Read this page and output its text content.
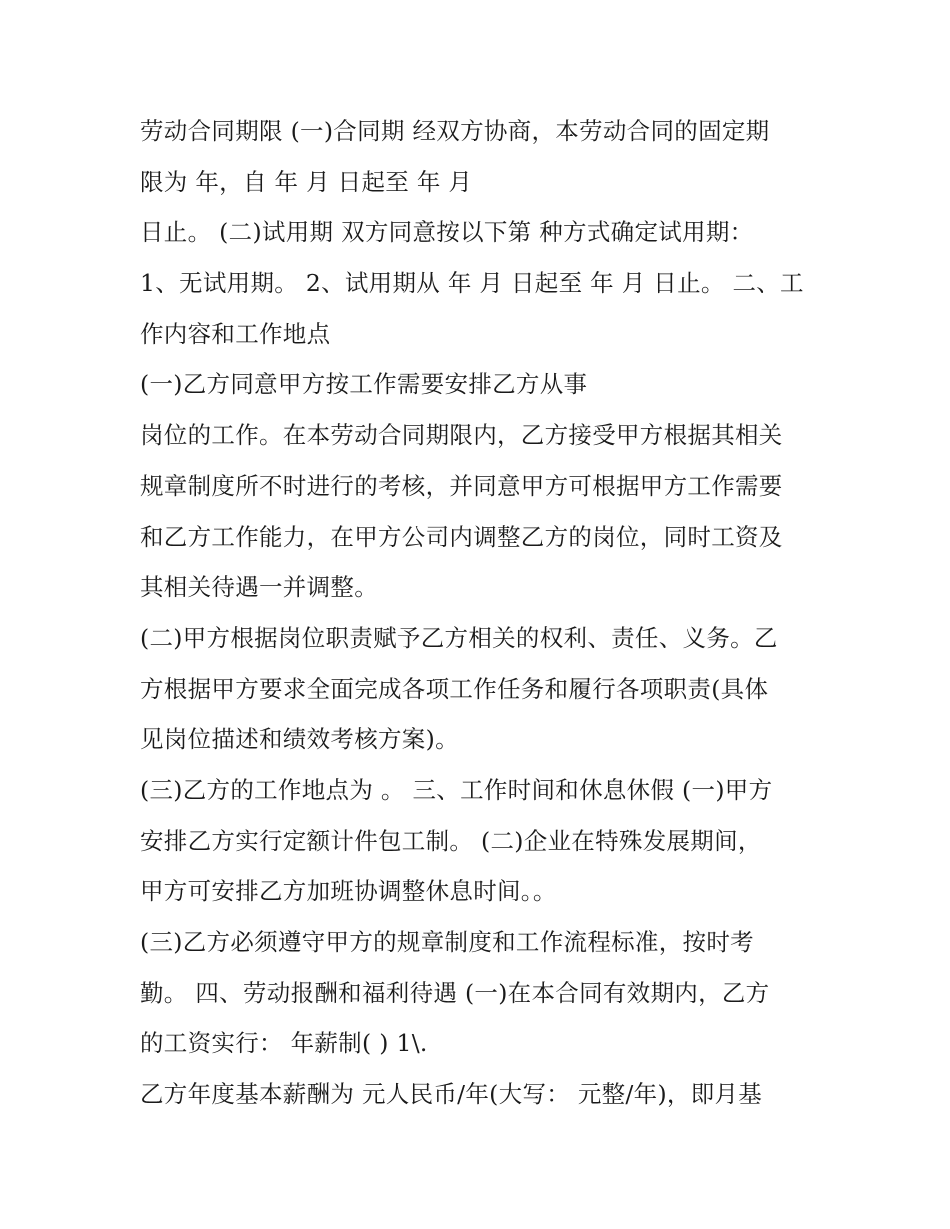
劳动合同期限 (一)合同期 经双方协商，本劳动合同的固定期
限为 年，自 年 月 日起至 年 月
日止。 (二)试用期 双方同意按以下第 种方式确定试用期：
1、无试用期。 2、试用期从 年 月 日起至 年 月 日止。 二、工
作内容和工作地点
(一)乙方同意甲方按工作需要安排乙方从事
岗位的工作。在本劳动合同期限内，乙方接受甲方根据其相关
规章制度所不时进行的考核，并同意甲方可根据甲方工作需要
和乙方工作能力，在甲方公司内调整乙方的岗位，同时工资及
其相关待遇一并调整。
(二)甲方根据岗位职责赋予乙方相关的权利、责任、义务。乙
方根据甲方要求全面完成各项工作任务和履行各项职责(具体
见岗位描述和绩效考核方案)。
(三)乙方的工作地点为 。 三、工作时间和休息休假 (一)甲方
安排乙方实行定额计件包工制。 (二)企业在特殊发展期间，
甲方可安排乙方加班协调整休息时间。。
(三)乙方必须遵守甲方的规章制度和工作流程标准，按时考
勤。 四、劳动报酬和福利待遇 (一)在本合同有效期内，乙方
的工资实行： 年薪制( ) 1\.
乙方年度基本薪酬为 元人民币/年(大写： 元整/年)，即月基
